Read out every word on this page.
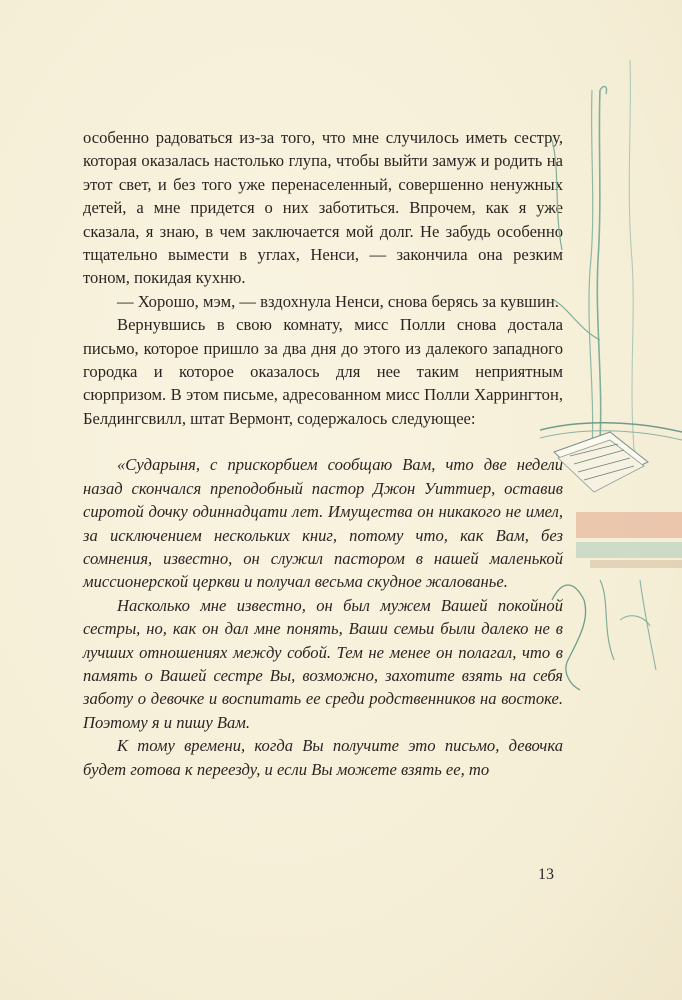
особенно радоваться из-за того, что мне случилось иметь сестру, которая оказалась настолько глупа, чтобы выйти замуж и родить на этот свет, и без того уже перенаселенный, совершенно ненужных детей, а мне придется о них заботиться. Впрочем, как я уже сказала, я знаю, в чем заключается мой долг. Не забудь особенно тщательно вымести в углах, Ненси, — закончила она резким тоном, покидая кухню.

— Хорошо, мэм, — вздохнула Ненси, снова берясь за кувшин.

Вернувшись в свою комнату, мисс Полли снова достала письмо, которое пришло за два дня до этого из далекого западного городка и которое оказалось для нее таким неприятным сюрпризом. В этом письме, адресованном мисс Полли Харрингтон, Белдингсвилл, штат Вермонт, содержалось следующее:

«Сударыня, с прискорбием сообщаю Вам, что две недели назад скончался преподобный пастор Джон Уиттиер, оставив сиротой дочку одиннадцати лет. Имущества он никакого не имел, за исключением нескольких книг, потому что, как Вам, без сомнения, известно, он служил пастором в нашей маленькой миссионерской церкви и получал весьма скудное жалованье.

Насколько мне известно, он был мужем Вашей покойной сестры, но, как он дал мне понять, Ваши семьи были далеко не в лучших отношениях между собой. Тем не менее он полагал, что в память о Вашей сестре Вы, возможно, захотите взять на себя заботу о девочке и воспитать ее среди родственников на востоке. Поэтому я и пишу Вам.

К тому времени, когда Вы получите это письмо, девочка будет готова к переезду, и если Вы можете взять ее, то

13
